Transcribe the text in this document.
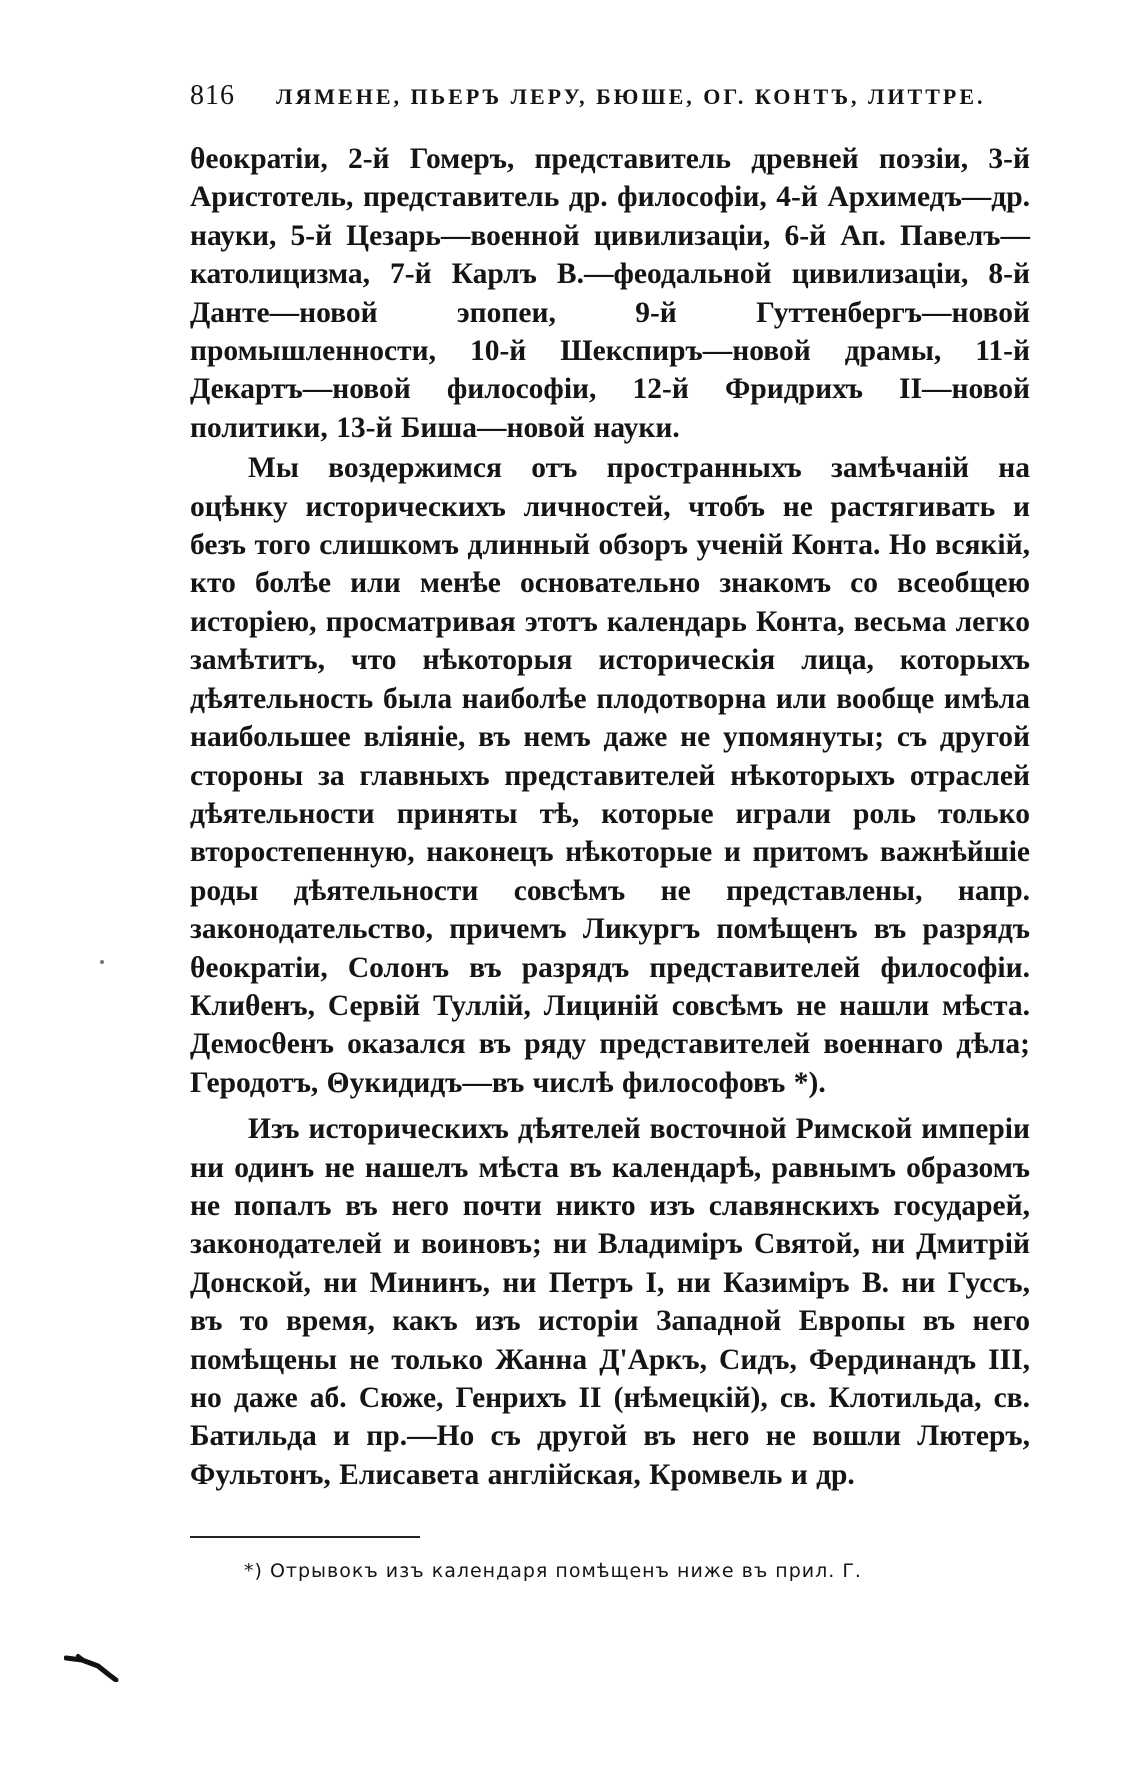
816	ЛЯМЕНЕ, ПЬЕРЪ ЛЕРУ, БЮШЕ, ОГ. КОНТЪ, ЛИТТРЕ.

θеократіи, 2-й Гомеръ, представитель древней поэзіи, 3-й Аристотель, представитель др. философіи, 4-й Архимедъ—др. науки, 5-й Цезарь—военной цивилизаціи, 6-й Ап. Павелъ—католицизма, 7-й Карлъ В.—феодальной цивилизаціи, 8-й Данте—новой эпопеи, 9-й Гуттенбергъ—новой промышленности, 10-й Шекспиръ—новой драмы, 11-й Декартъ—новой философіи, 12-й Фридрихъ II—новой политики, 13-й Биша—новой науки.

Мы воздержимся отъ пространныхъ замѣчаній на оцѣнку историческихъ личностей, чтобъ не растягивать и безъ того слишкомъ длинный обзоръ ученій Конта. Но всякій, кто болѣе или менѣе основательно знакомъ со всеобщею исторіею, просматривая этотъ календарь Конта, весьма легко замѣтитъ, что нѣкоторыя историческія лица, которыхъ дѣятельность была наиболѣе плодотворна или вообще имѣла наибольшее вліяніе, въ немъ даже не упомянуты; съ другой стороны за главныхъ представителей нѣкоторыхъ отраслей дѣятельности приняты тѣ, которые играли роль только второстепенную, наконецъ нѣкоторые и притомъ важнѣйшіе роды дѣятельности совсѣмъ не представлены, напр. законодательство, причемъ Ликургъ помѣщенъ въ разрядъ θеократіи, Солонъ въ разрядъ представителей философіи. Клиθенъ, Сервій Туллій, Лициній совсѣмъ не нашли мѣста. Демосθенъ оказался въ ряду представителей военнаго дѣла; Геродотъ, Θукидидъ—въ числѣ философовъ *).

Изъ историческихъ дѣятелей восточной Римской имперіи ни одинъ не нашелъ мѣста въ календарѣ, равнымъ образомъ не попалъ въ него почти никто изъ славянскихъ государей, законодателей и воиновъ; ни Владиміръ Святой, ни Дмитрій Донской, ни Мининъ, ни Петръ I, ни Казиміръ В. ни Гуссъ, въ то время, какъ изъ исторіи Западной Европы въ него помѣщены не только Жанна Д'Аркъ, Сидъ, Фердинандъ III, но даже аб. Сюже, Генрихъ II (нѣмецкій), св. Клотильда, св. Батильда и пр.—Но съ другой въ него не вошли Лютеръ, Фультонъ, Елисавета англійская, Кромвель и др.

*) Отрывокъ изъ календаря помѣщенъ ниже въ прил. Г.
